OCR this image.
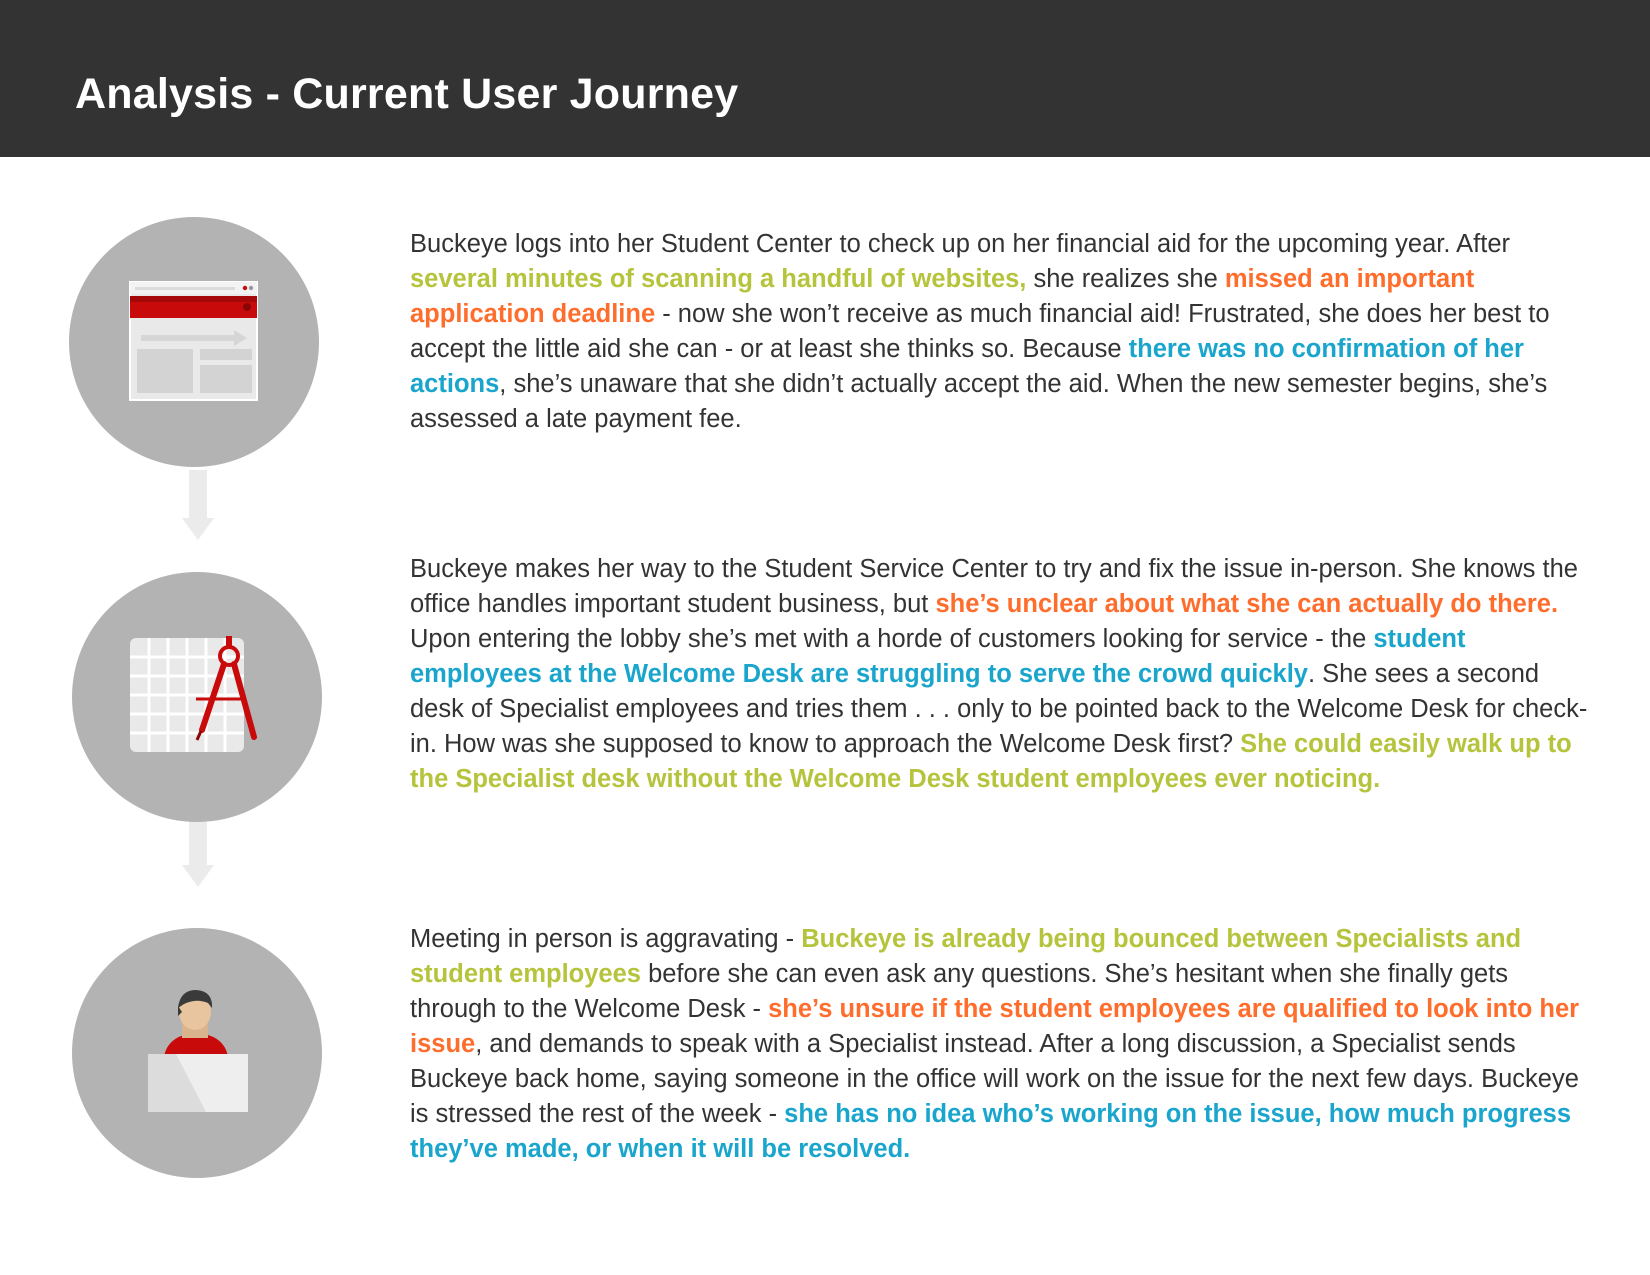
Analysis - Current User Journey

Buckeye logs into her Student Center to check up on her financial aid for the upcoming year. After several minutes of scanning a handful of websites, she realizes she missed an important application deadline - now she won’t receive as much financial aid! Frustrated, she does her best to accept the little aid she can - or at least she thinks so. Because there was no confirmation of her actions, she’s unaware that she didn’t actually accept the aid. When the new semester begins, she’s assessed a late payment fee.

Buckeye makes her way to the Student Service Center to try and fix the issue in-person. She knows the office handles important student business, but she’s unclear about what she can actually do there. Upon entering the lobby she’s met with a horde of customers looking for service - the student employees at the Welcome Desk are struggling to serve the crowd quickly. She sees a second desk of Specialist employees and tries them . . . only to be pointed back to the Welcome Desk for check-in. How was she supposed to know to approach the Welcome Desk first? She could easily walk up to the Specialist desk without the Welcome Desk student employees ever noticing.

Meeting in person is aggravating - Buckeye is already being bounced between Specialists and student employees before she can even ask any questions. She’s hesitant when she finally gets through to the Welcome Desk - she’s unsure if the student employees are qualified to look into her issue, and demands to speak with a Specialist instead. After a long discussion, a Specialist sends Buckeye back home, saying someone in the office will work on the issue for the next few days. Buckeye is stressed the rest of the week - she has no idea who’s working on the issue, how much progress they’ve made, or when it will be resolved.
